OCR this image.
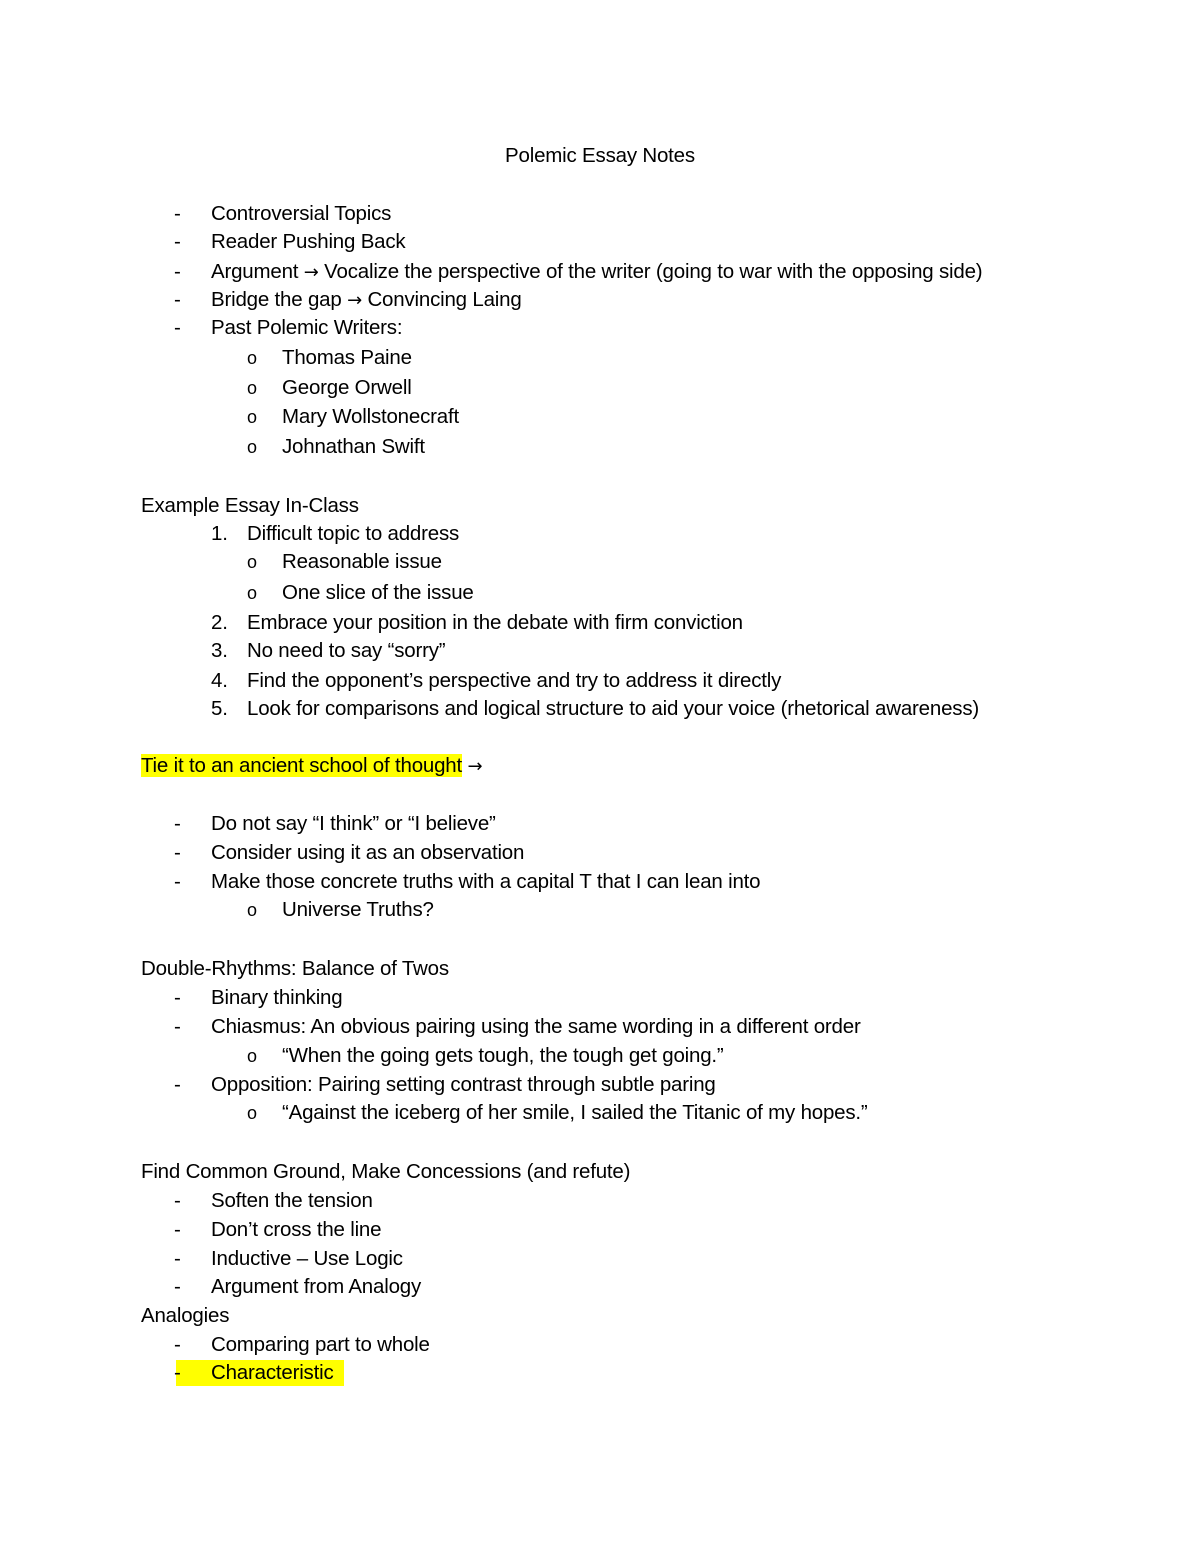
Polemic Essay Notes
- Controversial Topics
- Reader Pushing Back
- Argument → Vocalize the perspective of the writer (going to war with the opposing side)
- Bridge the gap → Convincing Laing
- Past Polemic Writers:
o Thomas Paine
o George Orwell
o Mary Wollstonecraft
o Johnathan Swift
Example Essay In-Class
1. Difficult topic to address
o Reasonable issue
o One slice of the issue
2. Embrace your position in the debate with firm conviction
3. No need to say “sorry”
4. Find the opponent’s perspective and try to address it directly
5. Look for comparisons and logical structure to aid your voice (rhetorical awareness)
Tie it to an ancient school of thought →
- Do not say “I think” or “I believe”
- Consider using it as an observation
- Make those concrete truths with a capital T that I can lean into
o Universe Truths?
Double-Rhythms: Balance of Twos
- Binary thinking
- Chiasmus: An obvious pairing using the same wording in a different order
o “When the going gets tough, the tough get going.”
- Opposition: Pairing setting contrast through subtle paring
o “Against the iceberg of her smile, I sailed the Titanic of my hopes.”
Find Common Ground, Make Concessions (and refute)
- Soften the tension
- Don’t cross the line
- Inductive – Use Logic
- Argument from Analogy
Analogies
- Comparing part to whole
- Characteristic
